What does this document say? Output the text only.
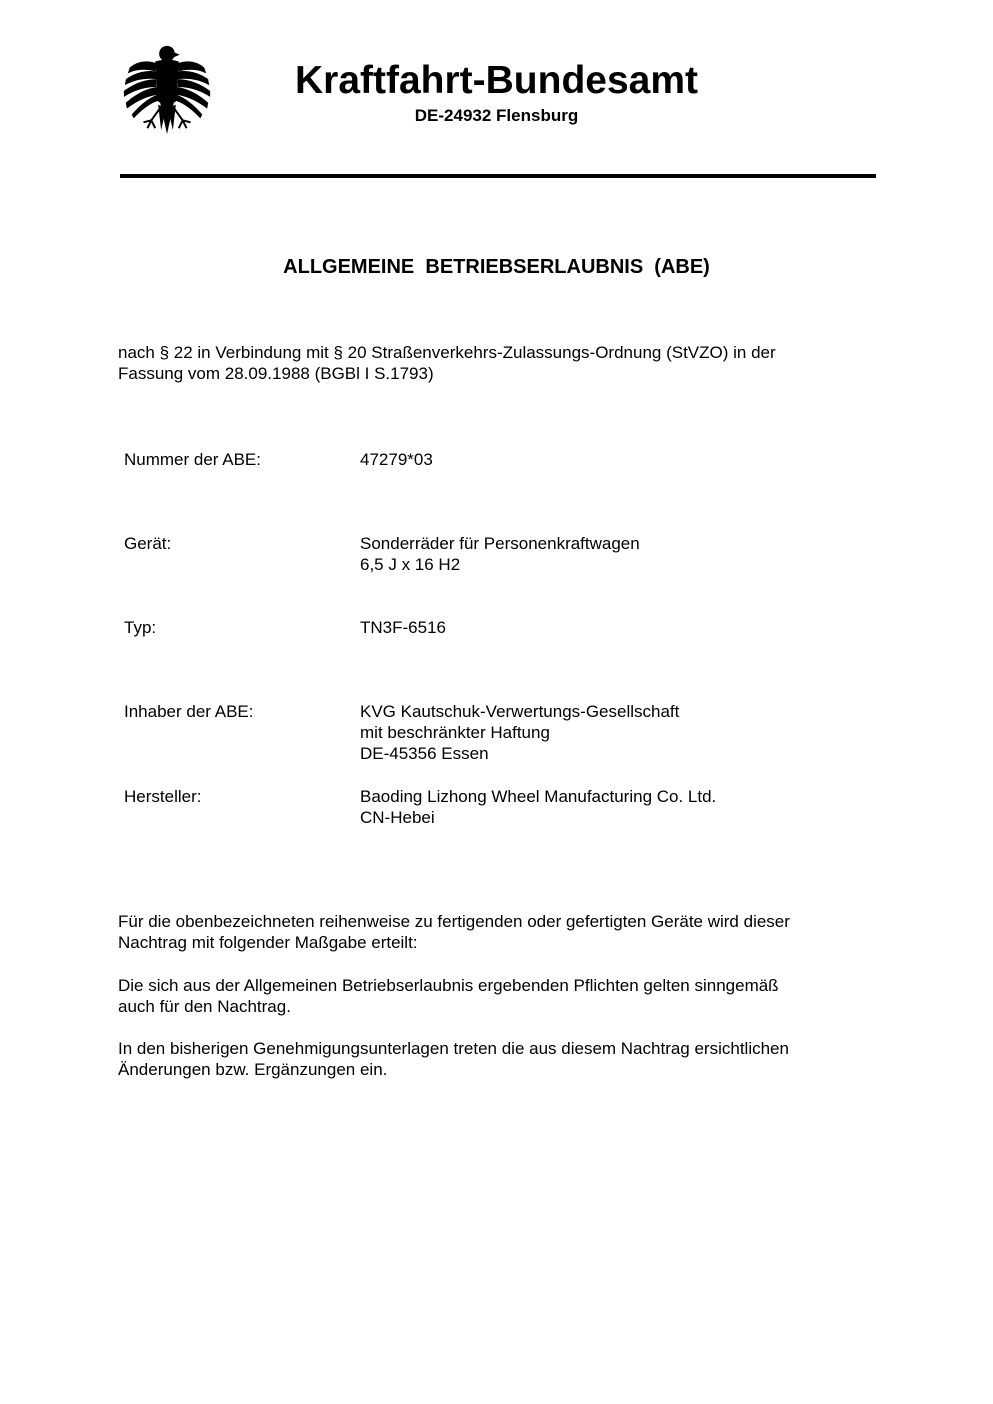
Kraftfahrt-Bundesamt
DE-24932 Flensburg
ALLGEMEINE  BETRIEBSERLAUBNIS  (ABE)
nach § 22 in Verbindung mit § 20 Straßenverkehrs-Zulassungs-Ordnung (StVZO) in der
Fassung vom 28.09.1988 (BGBl I S.1793)
Nummer der ABE:	47279*03
Gerät:	Sonderräder für Personenkraftwagen
6,5 J x 16 H2
Typ:	TN3F-6516
Inhaber der ABE:	KVG Kautschuk-Verwertungs-Gesellschaft
mit beschränkter Haftung
DE-45356 Essen
Hersteller:	Baoding Lizhong Wheel Manufacturing Co. Ltd.
CN-Hebei
Für die obenbezeichneten reihenweise zu fertigenden oder gefertigten Geräte wird dieser
Nachtrag mit folgender Maßgabe erteilt:
Die sich aus der Allgemeinen Betriebserlaubnis ergebenden Pflichten gelten sinngemäß
auch für den Nachtrag.
In den bisherigen Genehmigungsunterlagen treten die aus diesem Nachtrag ersichtlichen
Änderungen bzw. Ergänzungen ein.
